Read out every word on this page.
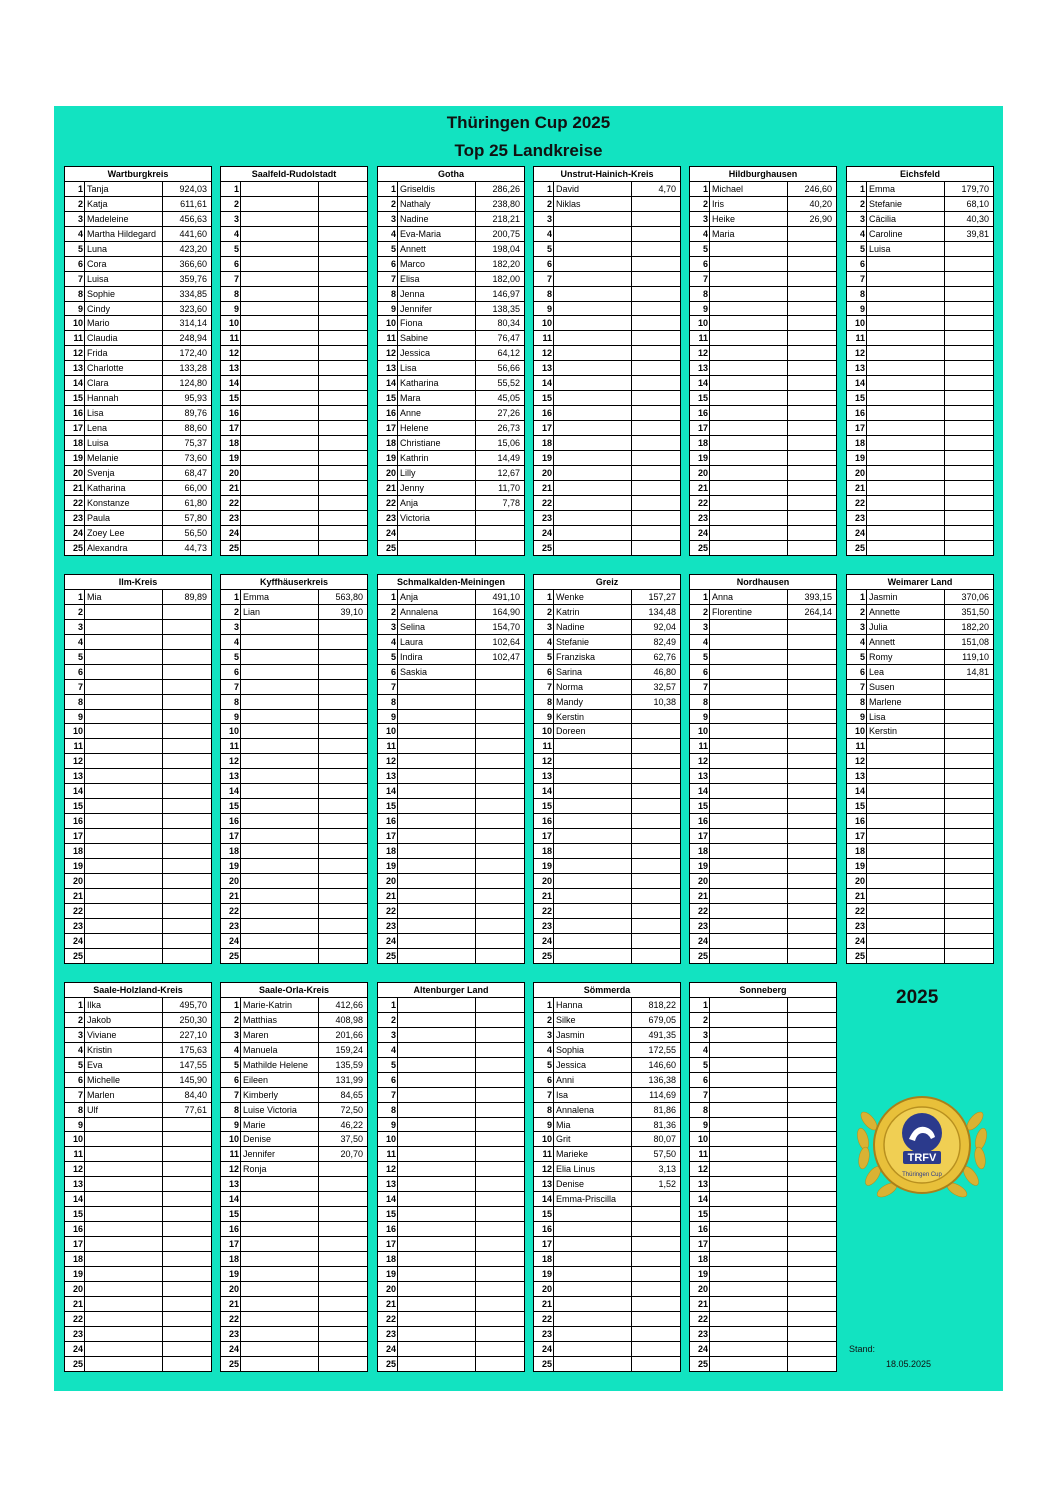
Thüringen Cup 2025
Top 25 Landkreise
Wartburgkreis
1 Tanja	924,03
2 Katja	611,61
3 Madeleine	456,63
4 Martha Hildegard	441,60
5 Luna	423,20
6 Cora	366,60
7 Luisa	359,76
8 Sophie	334,85
9 Cindy	323,60
10 Mario	314,14
11 Claudia	248,94
12 Frida	172,40
13 Charlotte	133,28
14 Clara	124,80
15 Hannah	95,93
16 Lisa	89,76
17 Lena	88,60
18 Luisa	75,37
19 Melanie	73,60
20 Svenja	68,47
21 Katharina	66,00
22 Konstanze	61,80
23 Paula	57,80
24 Zoey Lee	56,50
25 Alexandra	44,73
Saalfeld-Rudolstadt
1
2
3
4
5
6
7
8
9
10
11
12
13
14
15
16
17
18
19
20
21
22
23
24
25
Gotha
1 Griseldis	286,26
2 Nathaly	238,80
3 Nadine	218,21
4 Eva-Maria	200,75
5 Annett	198,04
6 Marco	182,20
7 Elisa	182,00
8 Jenna	146,97
9 Jennifer	138,35
10 Fiona	80,34
11 Sabine	76,47
12 Jessica	64,12
13 Lisa	56,66
14 Katharina	55,52
15 Mara	45,05
16 Anne	27,26
17 Helene	26,73
18 Christiane	15,06
19 Kathrin	14,49
20 Lilly	12,67
21 Jenny	11,70
22 Anja	7,78
23 Victoria
24
25
Unstrut-Hainich-Kreis
1 David	4,70
2 Niklas
3
4
5
6
7
8
9
10
11
12
13
14
15
16
17
18
19
20
21
22
23
24
25
Hildburghausen
1 Michael	246,60
2 Iris	40,20
3 Heike	26,90
4 Maria
5
6
7
8
9
10
11
12
13
14
15
16
17
18
19
20
21
22
23
24
25
Eichsfeld
1 Emma	179,70
2 Stefanie	68,10
3 Cäcilia	40,30
4 Caroline	39,81
5 Luisa
6
7
8
9
10
11
12
13
14
15
16
17
18
19
20
21
22
23
24
25
Ilm-Kreis
1 Mia	89,89
2
3
4
5
6
7
8
9
10
11
12
13
14
15
16
17
18
19
20
21
22
23
24
25
Kyffhäuserkreis
1 Emma	563,80
2 Lian	39,10
3
4
5
6
7
8
9
10
11
12
13
14
15
16
17
18
19
20
21
22
23
24
25
Schmalkalden-Meiningen
1 Anja	491,10
2 Annalena	164,90
3 Selina	154,70
4 Laura	102,64
5 Indira	102,47
6 Saskia
7
8
9
10
11
12
13
14
15
16
17
18
19
20
21
22
23
24
25
Greiz
1 Wenke	157,27
2 Katrin	134,48
3 Nadine	92,04
4 Stefanie	82,49
5 Franziska	62,76
6 Sarina	46,80
7 Norma	32,57
8 Mandy	10,38
9 Kerstin
10 Doreen
11
12
13
14
15
16
17
18
19
20
21
22
23
24
25
Nordhausen
1 Anna	393,15
2 Florentine	264,14
3
4
5
6
7
8
9
10
11
12
13
14
15
16
17
18
19
20
21
22
23
24
25
Weimarer Land
1 Jasmin	370,06
2 Annette	351,50
3 Julia	182,20
4 Annett	151,08
5 Romy	119,10
6 Lea	14,81
7 Susen
8 Marlene
9 Lisa
10 Kerstin
11
12
13
14
15
16
17
18
19
20
21
22
23
24
25
Saale-Holzland-Kreis
1 Ilka	495,70
2 Jakob	250,30
3 Viviane	227,10
4 Kristin	175,63
5 Eva	147,55
6 Michelle	145,90
7 Marlen	84,40
8 Ulf	77,61
9
10
11
12
13
14
15
16
17
18
19
20
21
22
23
24
25
Saale-Orla-Kreis
1 Marie-Katrin	412,66
2 Matthias	408,98
3 Maren	201,66
4 Manuela	159,24
5 Mathilde Helene	135,59
6 Eileen	131,99
7 Kimberly	84,65
8 Luise Victoria	72,50
9 Marie	46,22
10 Denise	37,50
11 Jennifer	20,70
12 Ronja
13
14
15
16
17
18
19
20
21
22
23
24
25
Altenburger Land
1
2
3
4
5
6
7
8
9
10
11
12
13
14
15
16
17
18
19
20
21
22
23
24
25
Sömmerda
1 Hanna	818,22
2 Silke	679,05
3 Jasmin	491,35
4 Sophia	172,55
5 Jessica	146,60
6 Anni	136,38
7 Isa	114,69
8 Annalena	81,86
9 Mia	81,36
10 Grit	80,07
11 Marieke	57,50
12 Elia Linus	3,13
13 Denise	1,52
14 Emma-Priscilla
15
16
17
18
19
20
21
22
23
24
25
Sonneberg
1
2
3
4
5
6
7
8
9
10
11
12
13
14
15
16
17
18
19
20
21
22
23
24
25
2025
TRFV
Thüringen Cup
Stand:
18.05.2025
